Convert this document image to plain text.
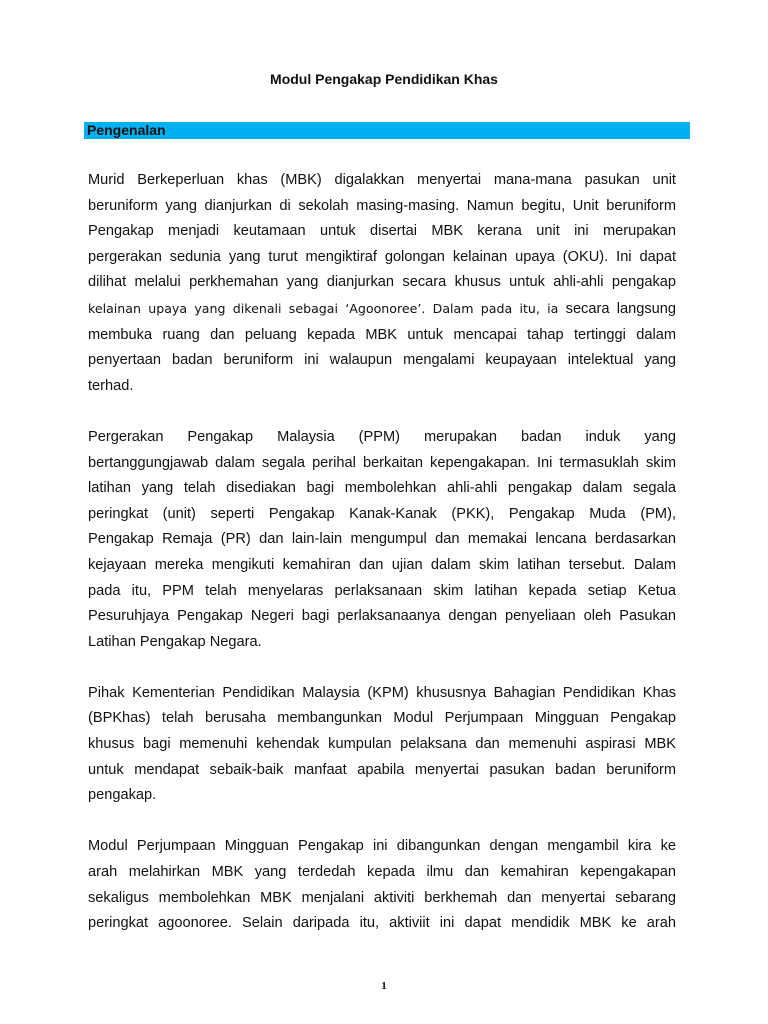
Modul Pengakap Pendidikan Khas
Pengenalan

Murid Berkeperluan khas (MBK) digalakkan menyertai mana-mana pasukan unit
beruniform yang dianjurkan di sekolah masing-masing. Namun begitu, Unit beruniform
Pengakap menjadi keutamaan untuk disertai MBK kerana unit ini merupakan
pergerakan sedunia yang turut mengiktiraf golongan kelainan upaya (OKU). Ini dapat
dilihat melalui perkhemahan yang dianjurkan secara khusus untuk ahli-ahli pengakap
kelainan upaya yang dikenali sebagai ‘Agoonoree’. Dalam pada itu, ia secara langsung
membuka ruang dan peluang kepada MBK untuk mencapai tahap tertinggi dalam
penyertaan badan beruniform ini walaupun mengalami keupayaan intelektual yang
terhad.

Pergerakan Pengakap Malaysia (PPM) merupakan badan induk yang
bertanggungjawab dalam segala perihal berkaitan kepengakapan. Ini termasuklah skim
latihan yang telah disediakan bagi membolehkan ahli-ahli pengakap dalam segala
peringkat (unit) seperti Pengakap Kanak-Kanak (PKK), Pengakap Muda (PM),
Pengakap Remaja (PR) dan lain-lain mengumpul dan memakai lencana berdasarkan
kejayaan mereka mengikuti kemahiran dan ujian dalam skim latihan tersebut. Dalam
pada itu, PPM telah menyelaras perlaksanaan skim latihan kepada setiap Ketua
Pesuruhjaya Pengakap Negeri bagi perlaksanaanya dengan penyeliaan oleh Pasukan
Latihan Pengakap Negara.

Pihak Kementerian Pendidikan Malaysia (KPM) khususnya Bahagian Pendidikan Khas
(BPKhas) telah berusaha membangunkan Modul Perjumpaan Mingguan Pengakap
khusus bagi memenuhi kehendak kumpulan pelaksana dan memenuhi aspirasi MBK
untuk mendapat sebaik-baik manfaat apabila menyertai pasukan badan beruniform
pengakap.

Modul Perjumpaan Mingguan Pengakap ini dibangunkan dengan mengambil kira ke
arah melahirkan MBK yang terdedah kepada ilmu dan kemahiran kepengakapan
sekaligus membolehkan MBK menjalani aktiviti berkhemah dan menyertai sebarang
peringkat agoonoree. Selain daripada itu, aktiviit ini dapat mendidik MBK ke arah

1
